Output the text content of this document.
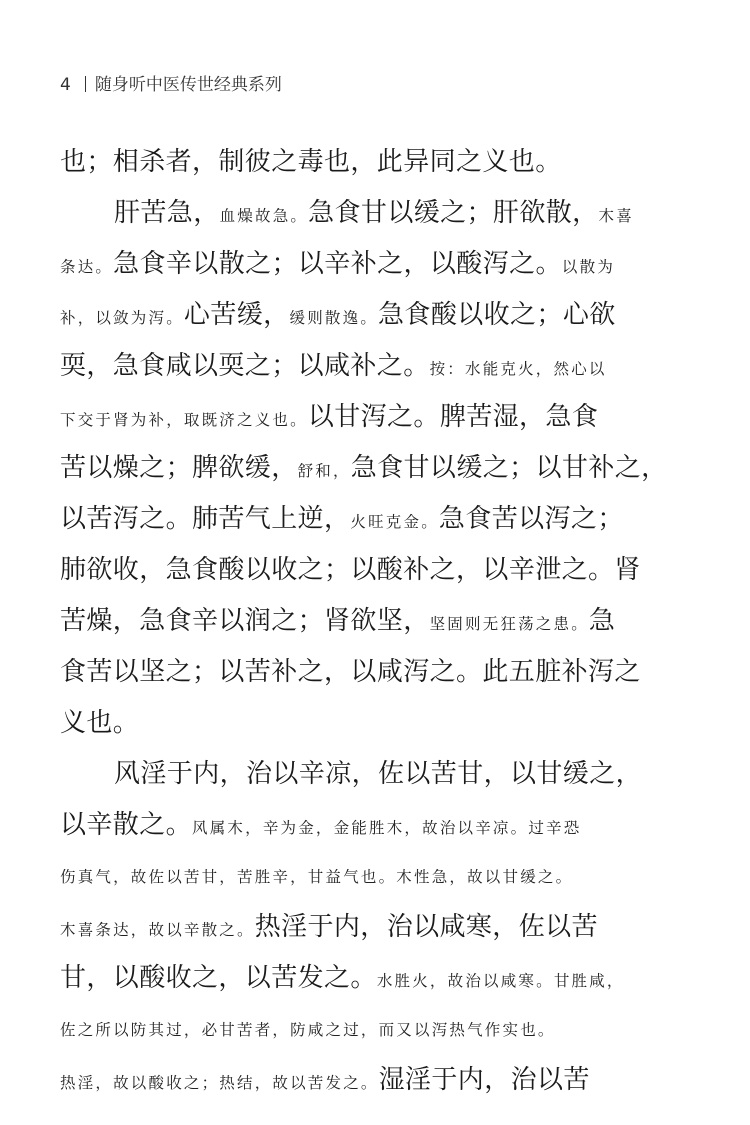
4 随身听中医传世经典系列
也；相杀者，制彼之毒也，此异同之义也。
肝苦急，血燥故急。急食甘以缓之；肝欲散，木喜
条达。急食辛以散之；以辛补之，以酸泻之。以散为
补，以敛为泻。心苦缓，缓则散逸。急食酸以收之；心欲
耎，急食咸以耎之；以咸补之。按：水能克火，然心以
下交于肾为补，取既济之义也。以甘泻之。脾苦湿，急食
苦以燥之；脾欲缓，舒和，急食甘以缓之；以甘补之，
以苦泻之。肺苦气上逆，火旺克金。急食苦以泻之；
肺欲收，急食酸以收之；以酸补之，以辛泄之。肾
苦燥，急食辛以润之；肾欲坚，坚固则无狂荡之患。急
食苦以坚之；以苦补之，以咸泻之。此五脏补泻之
义也。
风淫于内，治以辛凉，佐以苦甘，以甘缓之，
以辛散之。风属木，辛为金，金能胜木，故治以辛凉。过辛恐
伤真气，故佐以苦甘，苦胜辛，甘益气也。木性急，故以甘缓之。
木喜条达，故以辛散之。热淫于内，治以咸寒，佐以苦
甘，以酸收之，以苦发之。水胜火，故治以咸寒。甘胜咸，
佐之所以防其过，必甘苦者，防咸之过，而又以泻热气作实也。
热淫，故以酸收之；热结，故以苦发之。湿淫于内，治以苦
